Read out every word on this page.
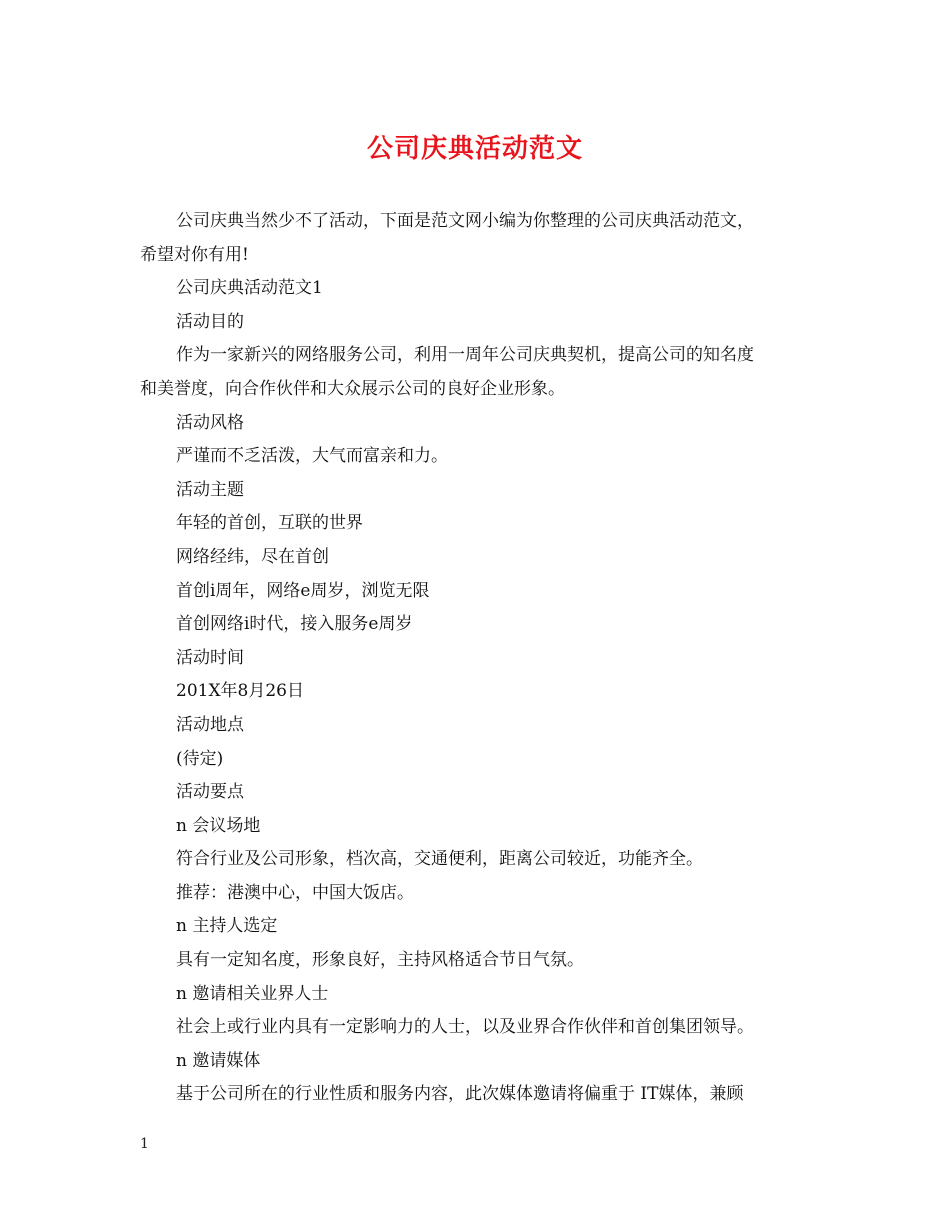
公司庆典活动范文

公司庆典当然少不了活动，下面是范文网小编为你整理的公司庆典活动范文，

希望对你有用!

公司庆典活动范文1

活动目的

作为一家新兴的网络服务公司，利用一周年公司庆典契机，提高公司的知名度

和美誉度，向合作伙伴和大众展示公司的良好企业形象。

活动风格

严谨而不乏活泼，大气而富亲和力。

活动主题

年轻的首创，互联的世界

网络经纬，尽在首创

首创i周年，网络e周岁，浏览无限

首创网络i时代，接入服务e周岁

活动时间

201X年8月26日

活动地点

(待定)

活动要点

n 会议场地

符合行业及公司形象，档次高，交通便利，距离公司较近，功能齐全。

推荐：港澳中心，中国大饭店。

n 主持人选定

具有一定知名度，形象良好，主持风格适合节日气氛。

n 邀请相关业界人士

社会上或行业内具有一定影响力的人士，以及业界合作伙伴和首创集团领导。

n 邀请媒体

基于公司所在的行业性质和服务内容，此次媒体邀请将偏重于 IT媒体，兼顾

1
